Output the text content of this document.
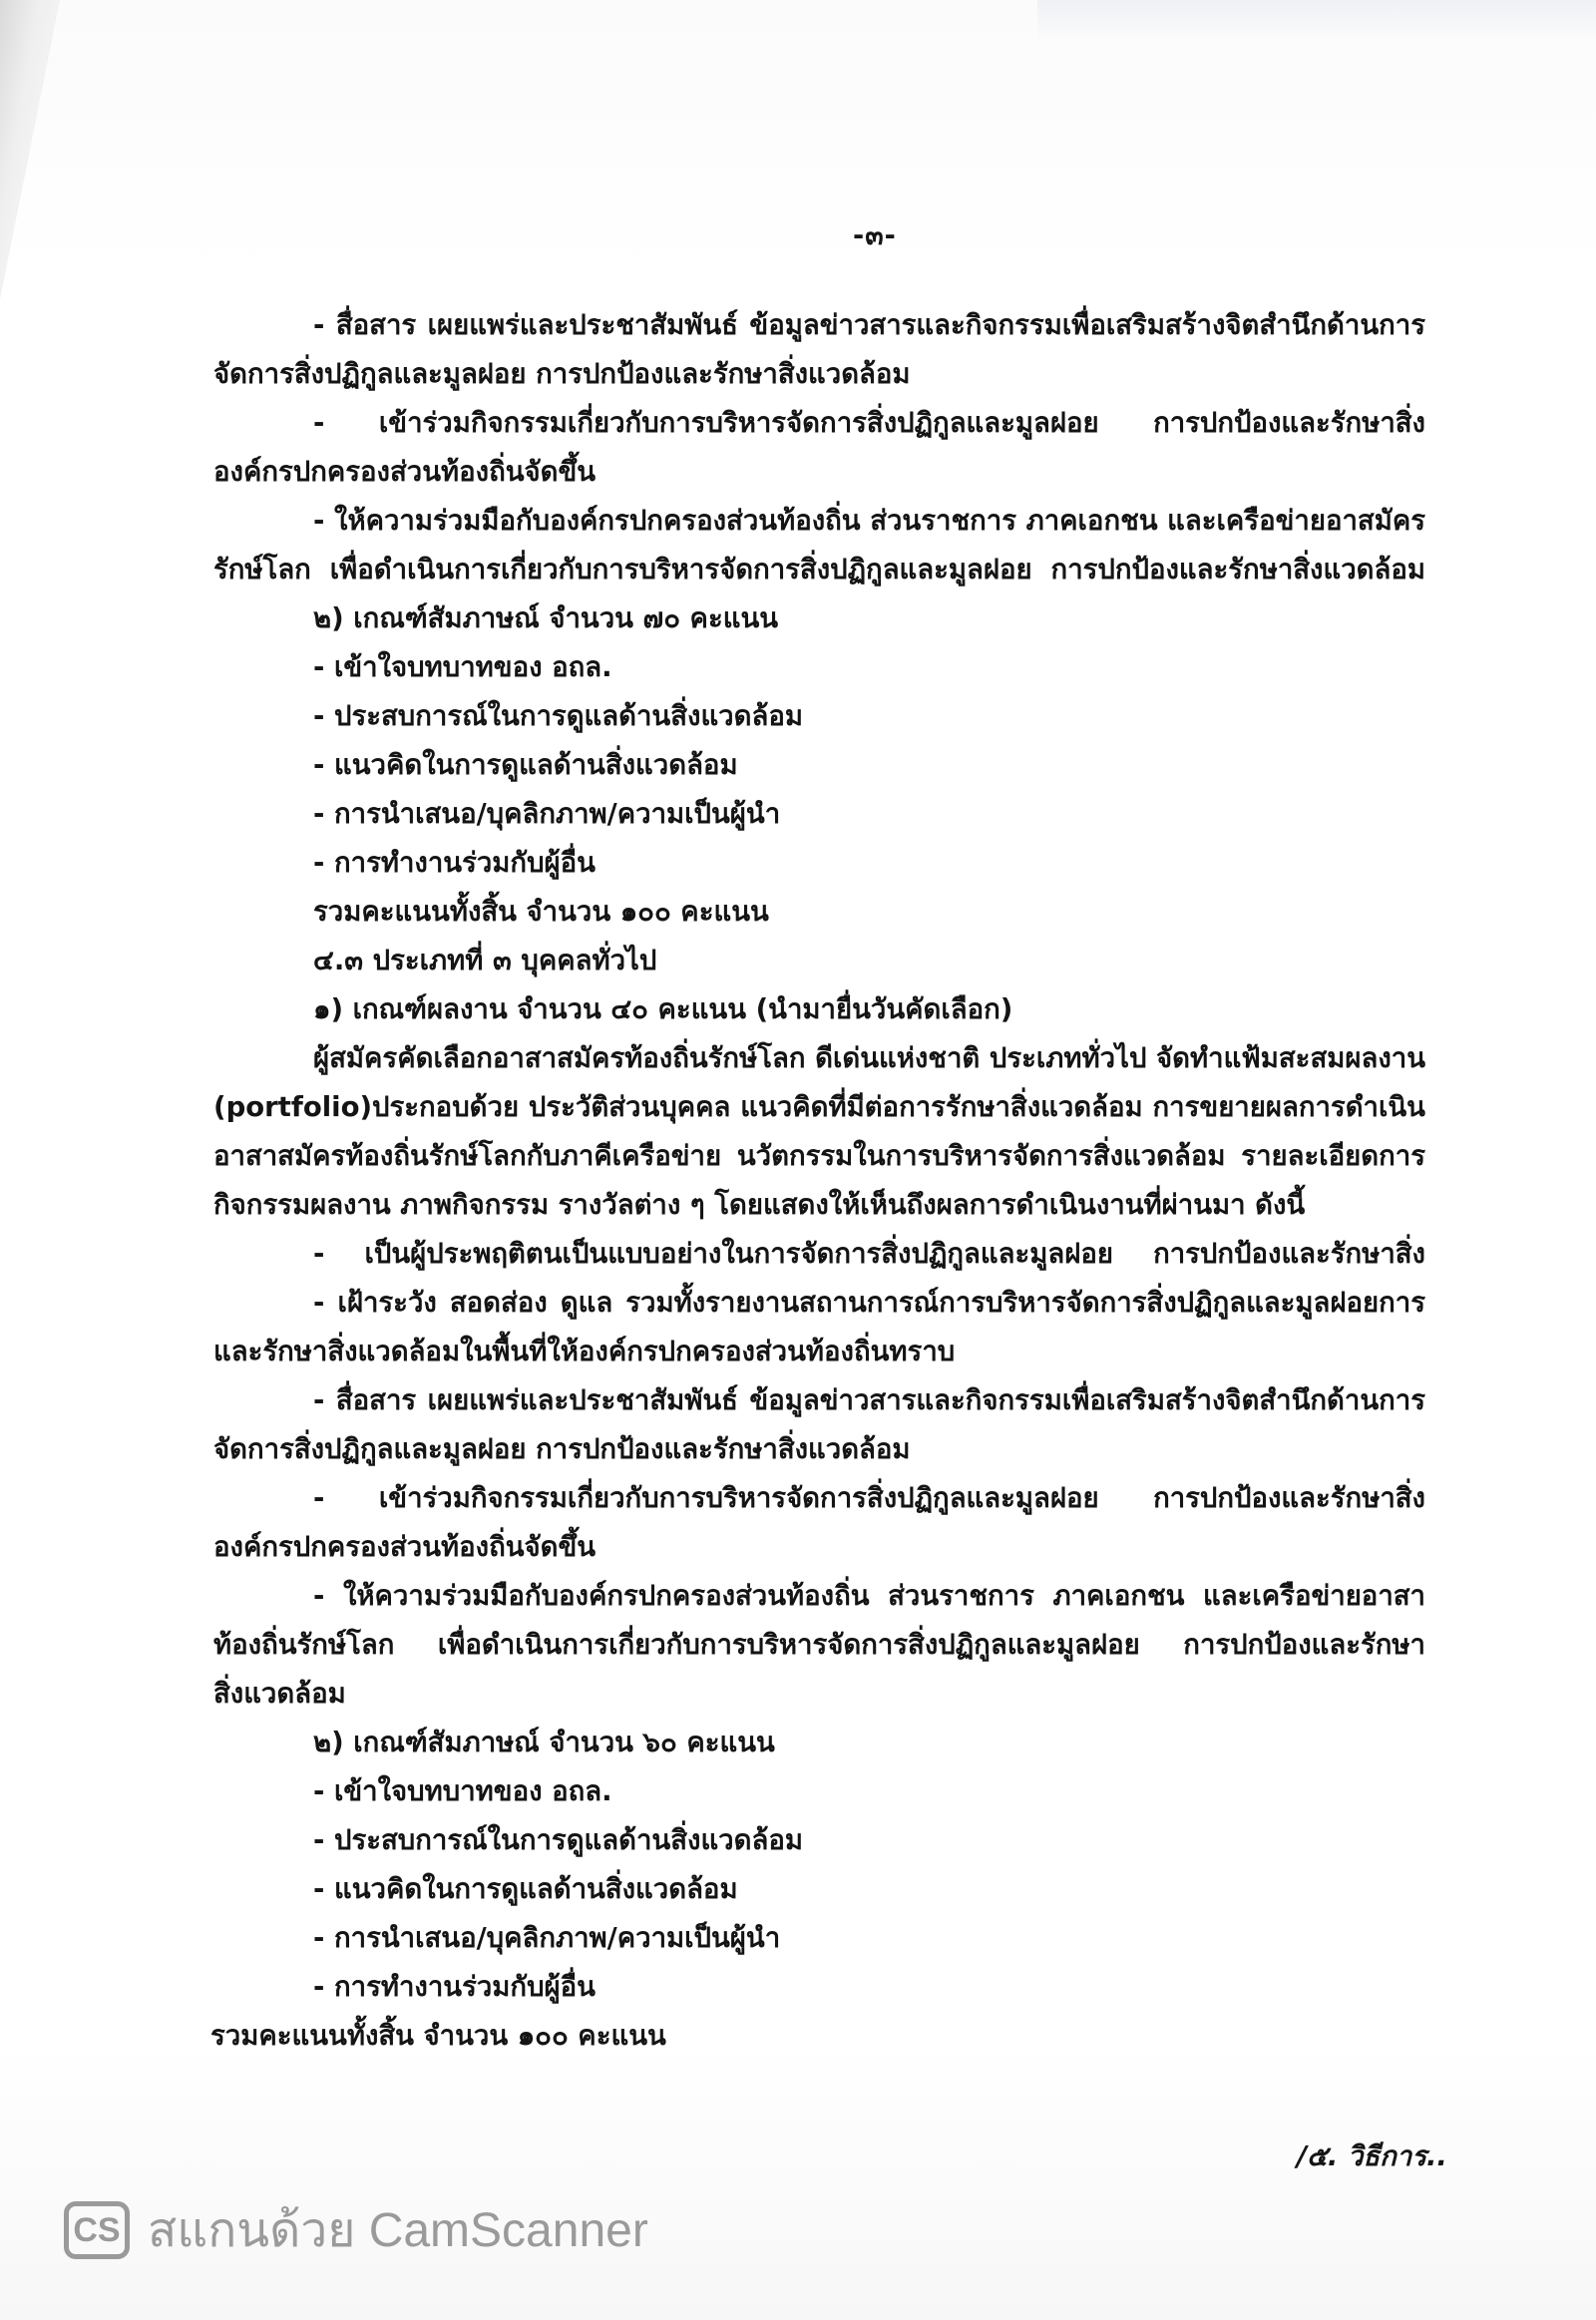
-๓-
- สื่อสาร เผยแพร่และประชาสัมพันธ์ ข้อมูลข่าวสารและกิจกรรมเพื่อเสริมสร้างจิตสำนึกด้านการ
จัดการสิ่งปฏิกูลและมูลฝอย การปกป้องและรักษาสิ่งแวดล้อม
- เข้าร่วมกิจกรรมเกี่ยวกับการบริหารจัดการสิ่งปฏิกูลและมูลฝอย การปกป้องและรักษาสิ่ง
องค์กรปกครองส่วนท้องถิ่นจัดขึ้น
- ให้ความร่วมมือกับองค์กรปกครองส่วนท้องถิ่น ส่วนราชการ ภาคเอกชน และเครือข่ายอาสมัคร
รักษ์โลก เพื่อดำเนินการเกี่ยวกับการบริหารจัดการสิ่งปฏิกูลและมูลฝอย การปกป้องและรักษาสิ่งแวดล้อม
๒) เกณฑ์สัมภาษณ์ จำนวน ๗๐ คะแนน
- เข้าใจบทบาทของ อถล.
- ประสบการณ์ในการดูแลด้านสิ่งแวดล้อม
- แนวคิดในการดูแลด้านสิ่งแวดล้อม
- การนำเสนอ/บุคลิกภาพ/ความเป็นผู้นำ
- การทำงานร่วมกับผู้อื่น
รวมคะแนนทั้งสิ้น จำนวน ๑๐๐ คะแนน
๔.๓ ประเภทที่ ๓ บุคคลทั่วไป
๑) เกณฑ์ผลงาน จำนวน ๔๐ คะแนน (นำมายื่นวันคัดเลือก)
ผู้สมัครคัดเลือกอาสาสมัครท้องถิ่นรักษ์โลก ดีเด่นแห่งชาติ ประเภททั่วไป จัดทำแฟ้มสะสมผลงาน
(portfolio)ประกอบด้วย ประวัติส่วนบุคคล แนวคิดที่มีต่อการรักษาสิ่งแวดล้อม การขยายผลการดำเนิน
อาสาสมัครท้องถิ่นรักษ์โลกกับภาคีเครือข่าย นวัตกรรมในการบริหารจัดการสิ่งแวดล้อม รายละเอียดการ
กิจกรรมผลงาน ภาพกิจกรรม รางวัลต่าง ๆ โดยแสดงให้เห็นถึงผลการดำเนินงานที่ผ่านมา ดังนี้
- เป็นผู้ประพฤติตนเป็นแบบอย่างในการจัดการสิ่งปฏิกูลและมูลฝอย การปกป้องและรักษาสิ่ง
- เฝ้าระวัง สอดส่อง ดูแล รวมทั้งรายงานสถานการณ์การบริหารจัดการสิ่งปฏิกูลและมูลฝอยการ
และรักษาสิ่งแวดล้อมในพื้นที่ให้องค์กรปกครองส่วนท้องถิ่นทราบ
- สื่อสาร เผยแพร่และประชาสัมพันธ์ ข้อมูลข่าวสารและกิจกรรมเพื่อเสริมสร้างจิตสำนึกด้านการ
จัดการสิ่งปฏิกูลและมูลฝอย การปกป้องและรักษาสิ่งแวดล้อม
- เข้าร่วมกิจกรรมเกี่ยวกับการบริหารจัดการสิ่งปฏิกูลและมูลฝอย การปกป้องและรักษาสิ่ง
องค์กรปกครองส่วนท้องถิ่นจัดขึ้น
- ให้ความร่วมมือกับองค์กรปกครองส่วนท้องถิ่น ส่วนราชการ ภาคเอกชน และเครือข่ายอาสา
ท้องถิ่นรักษ์โลก เพื่อดำเนินการเกี่ยวกับการบริหารจัดการสิ่งปฏิกูลและมูลฝอย การปกป้องและรักษา
สิ่งแวดล้อม
๒) เกณฑ์สัมภาษณ์ จำนวน ๖๐ คะแนน
- เข้าใจบทบาทของ อถล.
- ประสบการณ์ในการดูแลด้านสิ่งแวดล้อม
- แนวคิดในการดูแลด้านสิ่งแวดล้อม
- การนำเสนอ/บุคลิกภาพ/ความเป็นผู้นำ
- การทำงานร่วมกับผู้อื่น
รวมคะแนนทั้งสิ้น จำนวน ๑๐๐ คะแนน
/๕. วิธีการ..
CS สแกนด้วย CamScanner
